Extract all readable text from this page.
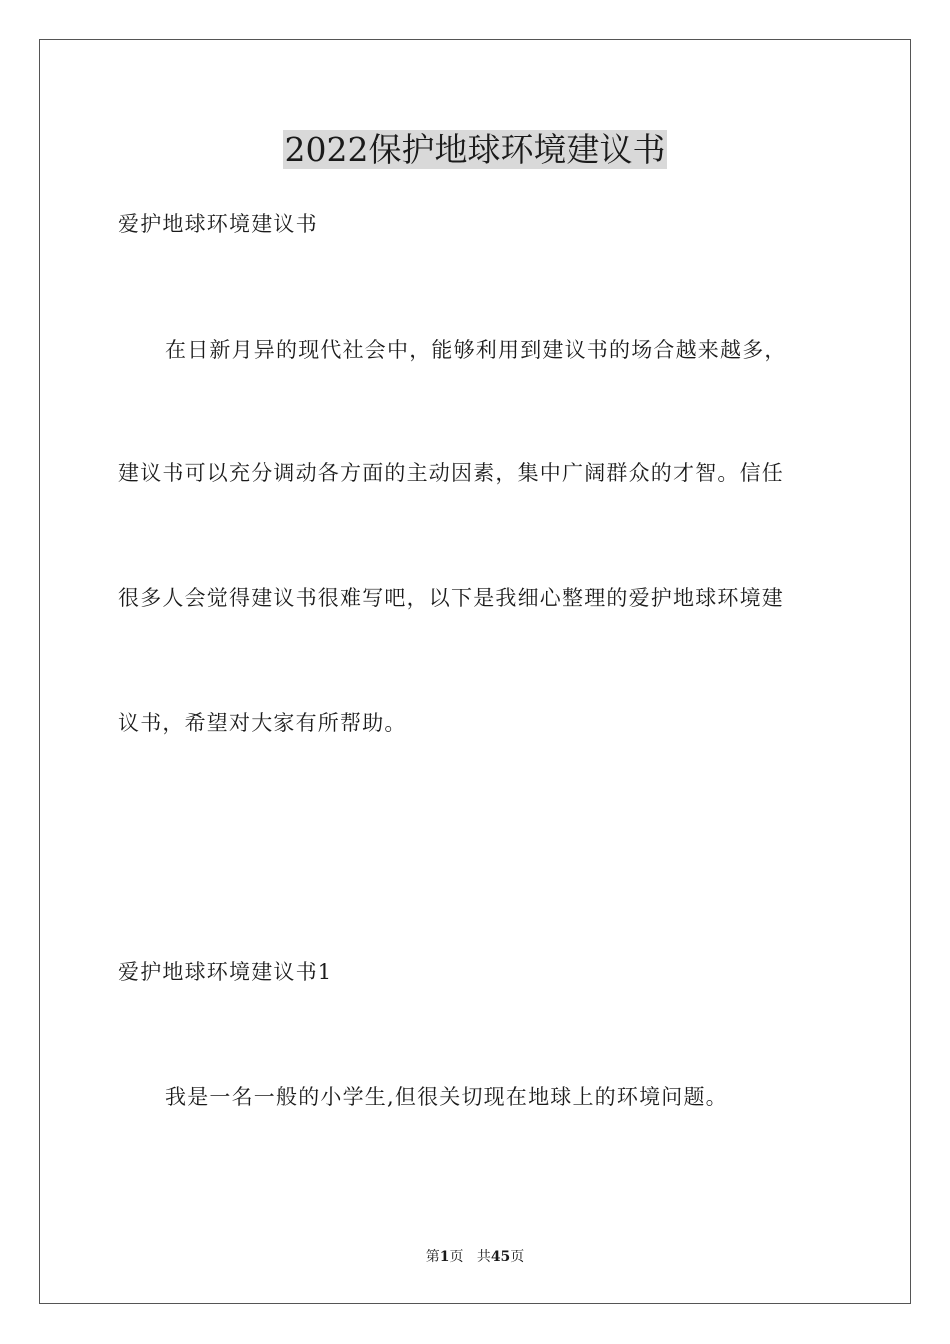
2022保护地球环境建议书

爱护地球环境建议书

在日新月异的现代社会中，能够利用到建议书的场合越来越多，

建议书可以充分调动各方面的主动因素，集中广阔群众的才智。信任

很多人会觉得建议书很难写吧，以下是我细心整理的爱护地球环境建

议书，希望对大家有所帮助。

爱护地球环境建议书1

我是一名一般的小学生,但很关切现在地球上的环境问题。

第1页 共45页
